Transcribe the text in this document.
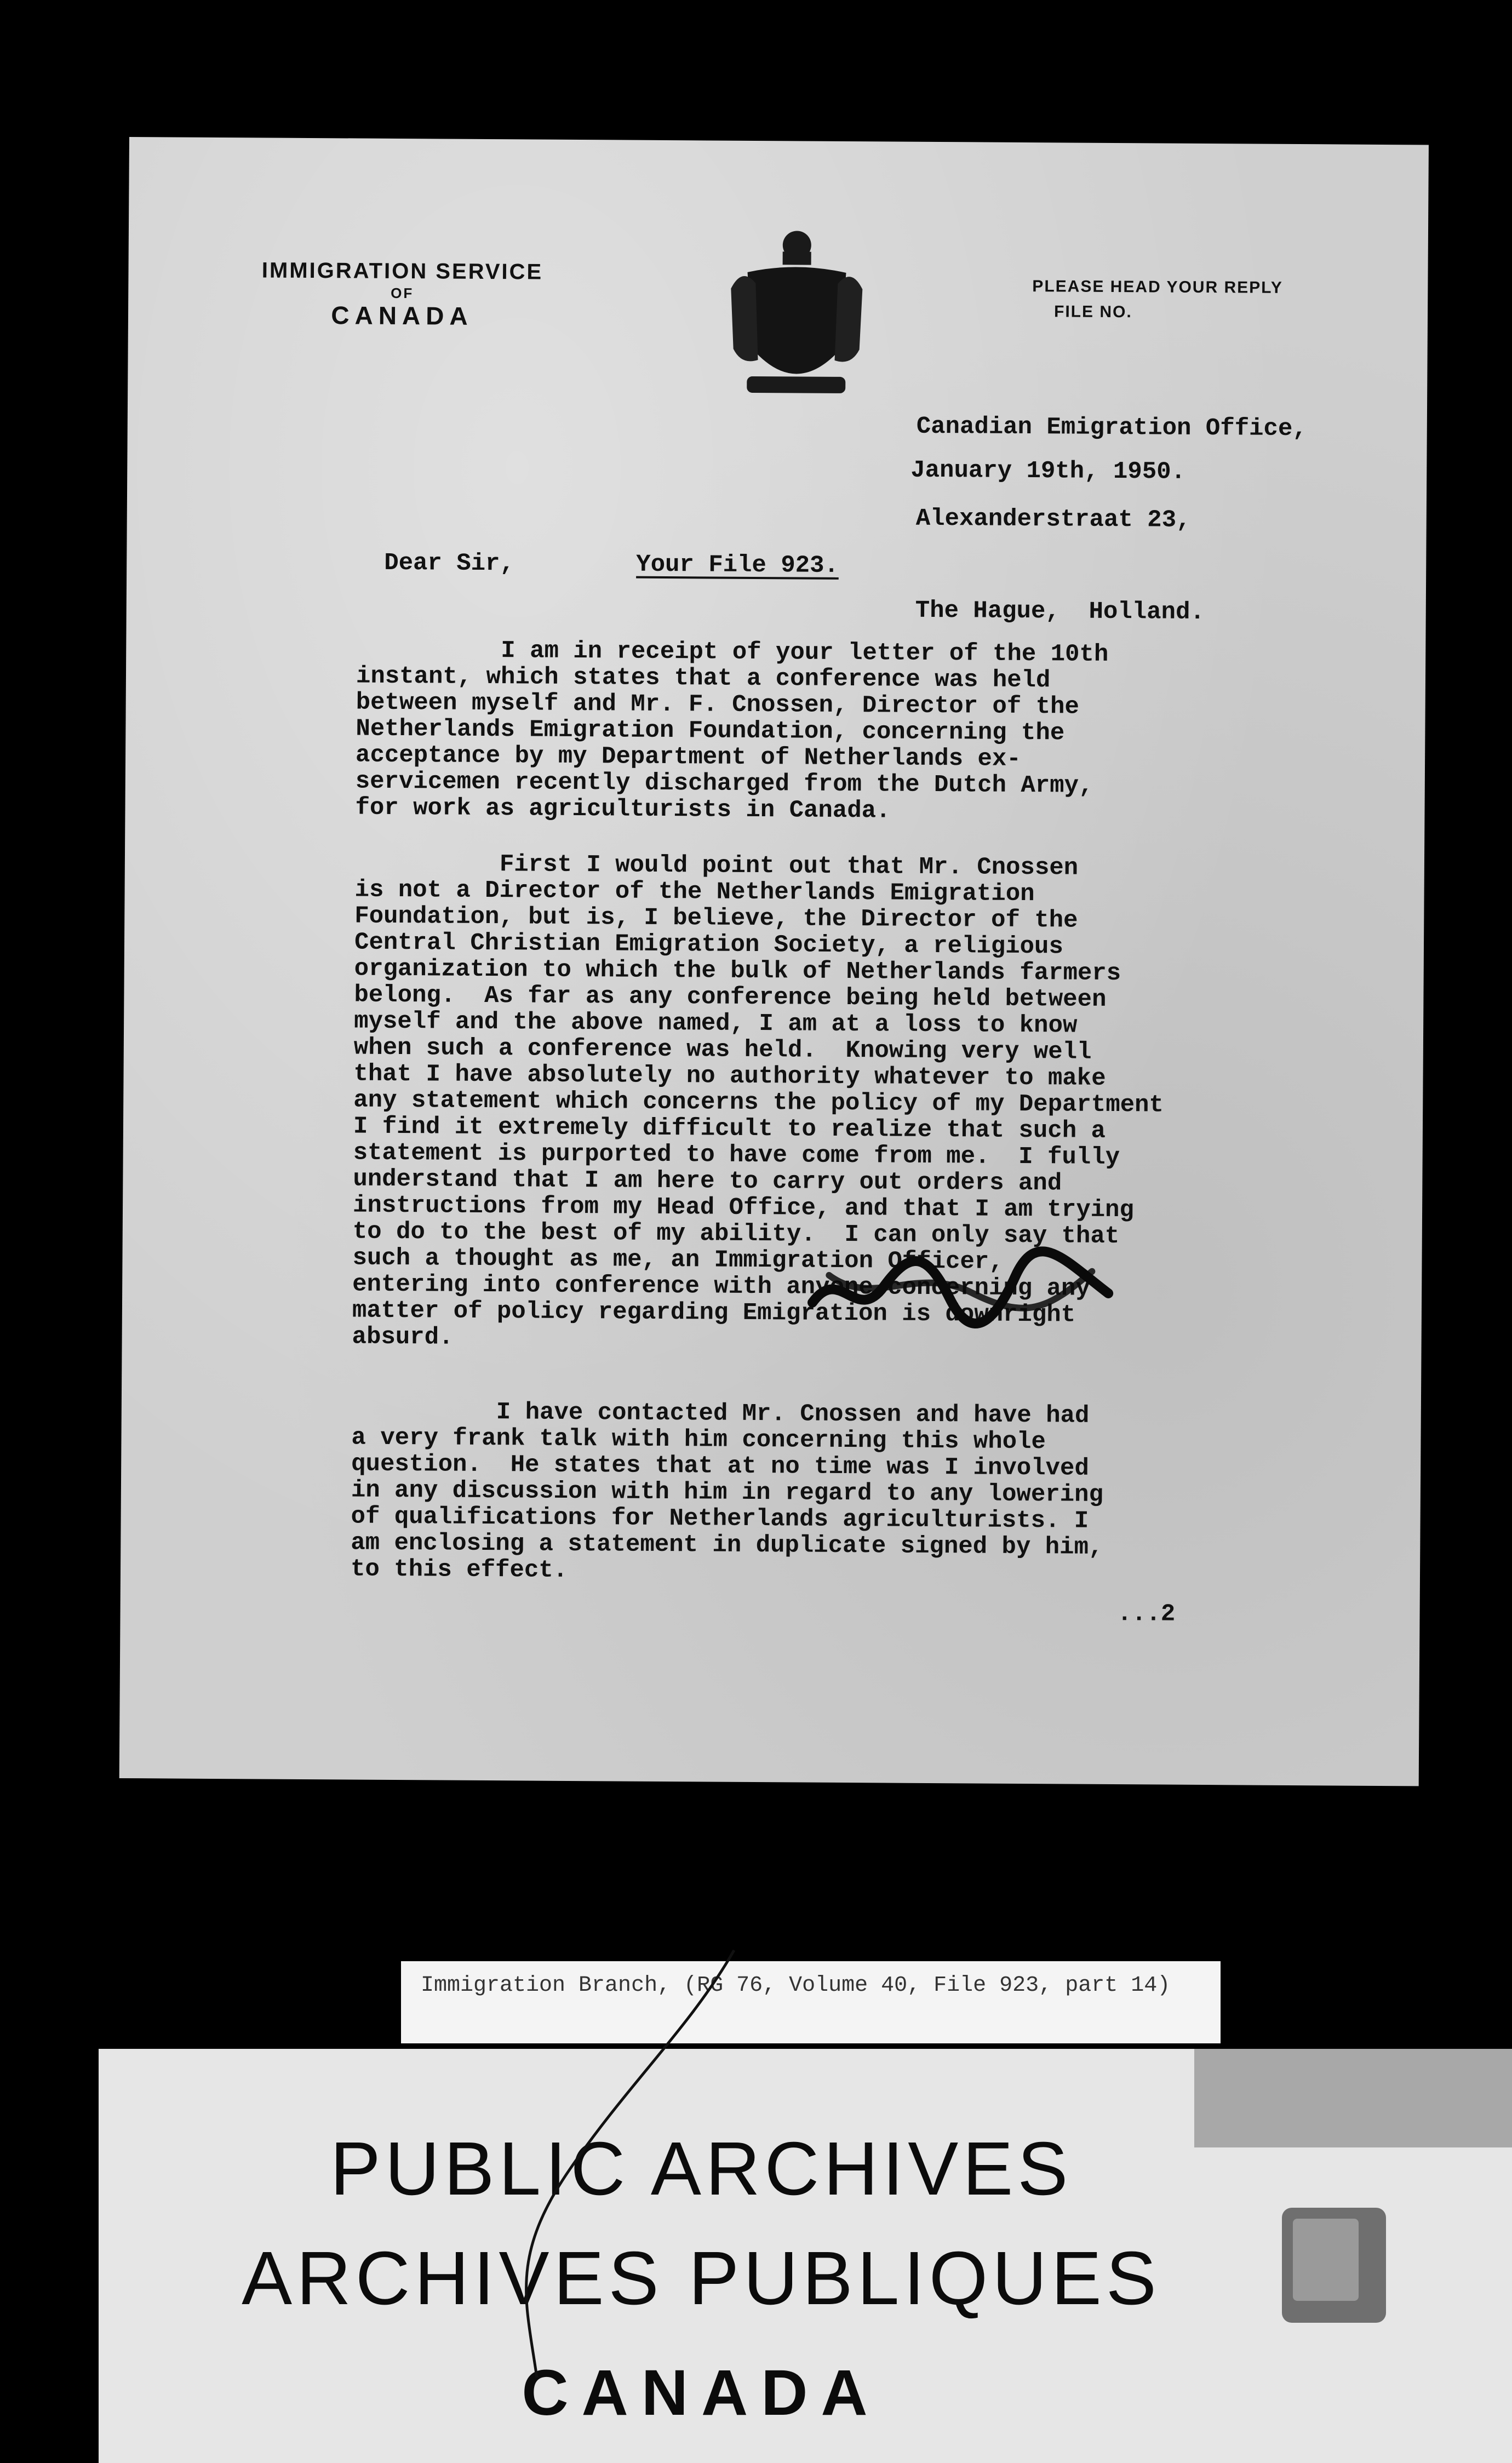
IMMIGRATION SERVICE
OF
CANADA
PLEASE HEAD YOUR REPLY
FILE NO.

Canadian Emigration Office,

Alexanderstraat 23,

The Hague,  Holland.

January 19th, 1950.
Dear Sir,	Your File 923.
I am in receipt of your letter of the 10th
instant, which states that a conference was held
between myself and Mr. F. Cnossen, Director of the
Netherlands Emigration Foundation, concerning the
acceptance by my Department of Netherlands ex-
servicemen recently discharged from the Dutch Army,
for work as agriculturists in Canada.
First I would point out that Mr. Cnossen
is not a Director of the Netherlands Emigration
Foundation, but is, I believe, the Director of the
Central Christian Emigration Society, a religious
organization to which the bulk of Netherlands farmers
belong.  As far as any conference being held between
myself and the above named, I am at a loss to know
when such a conference was held.  Knowing very well
that I have absolutely no authority whatever to make
any statement which concerns the policy of my Department
I find it extremely difficult to realize that such a
statement is purported to have come from me.  I fully
understand that I am here to carry out orders and
instructions from my Head Office, and that I am trying
to do to the best of my ability.  I can only say that
such a thought as me, an Immigration Officer,
entering into conference with anyone concerning any
matter of policy regarding Emigration is downright
absurd.
I have contacted Mr. Cnossen and have had
a very frank talk with him concerning this whole
question.  He states that at no time was I involved
in any discussion with him in regard to any lowering
of qualifications for Netherlands agriculturists. I
am enclosing a statement in duplicate signed by him,
to this effect.
...2
Immigration Branch, (RG 76, Volume 40, File 923, part 14)
PUBLIC ARCHIVES
ARCHIVES PUBLIQUES
CANADA
